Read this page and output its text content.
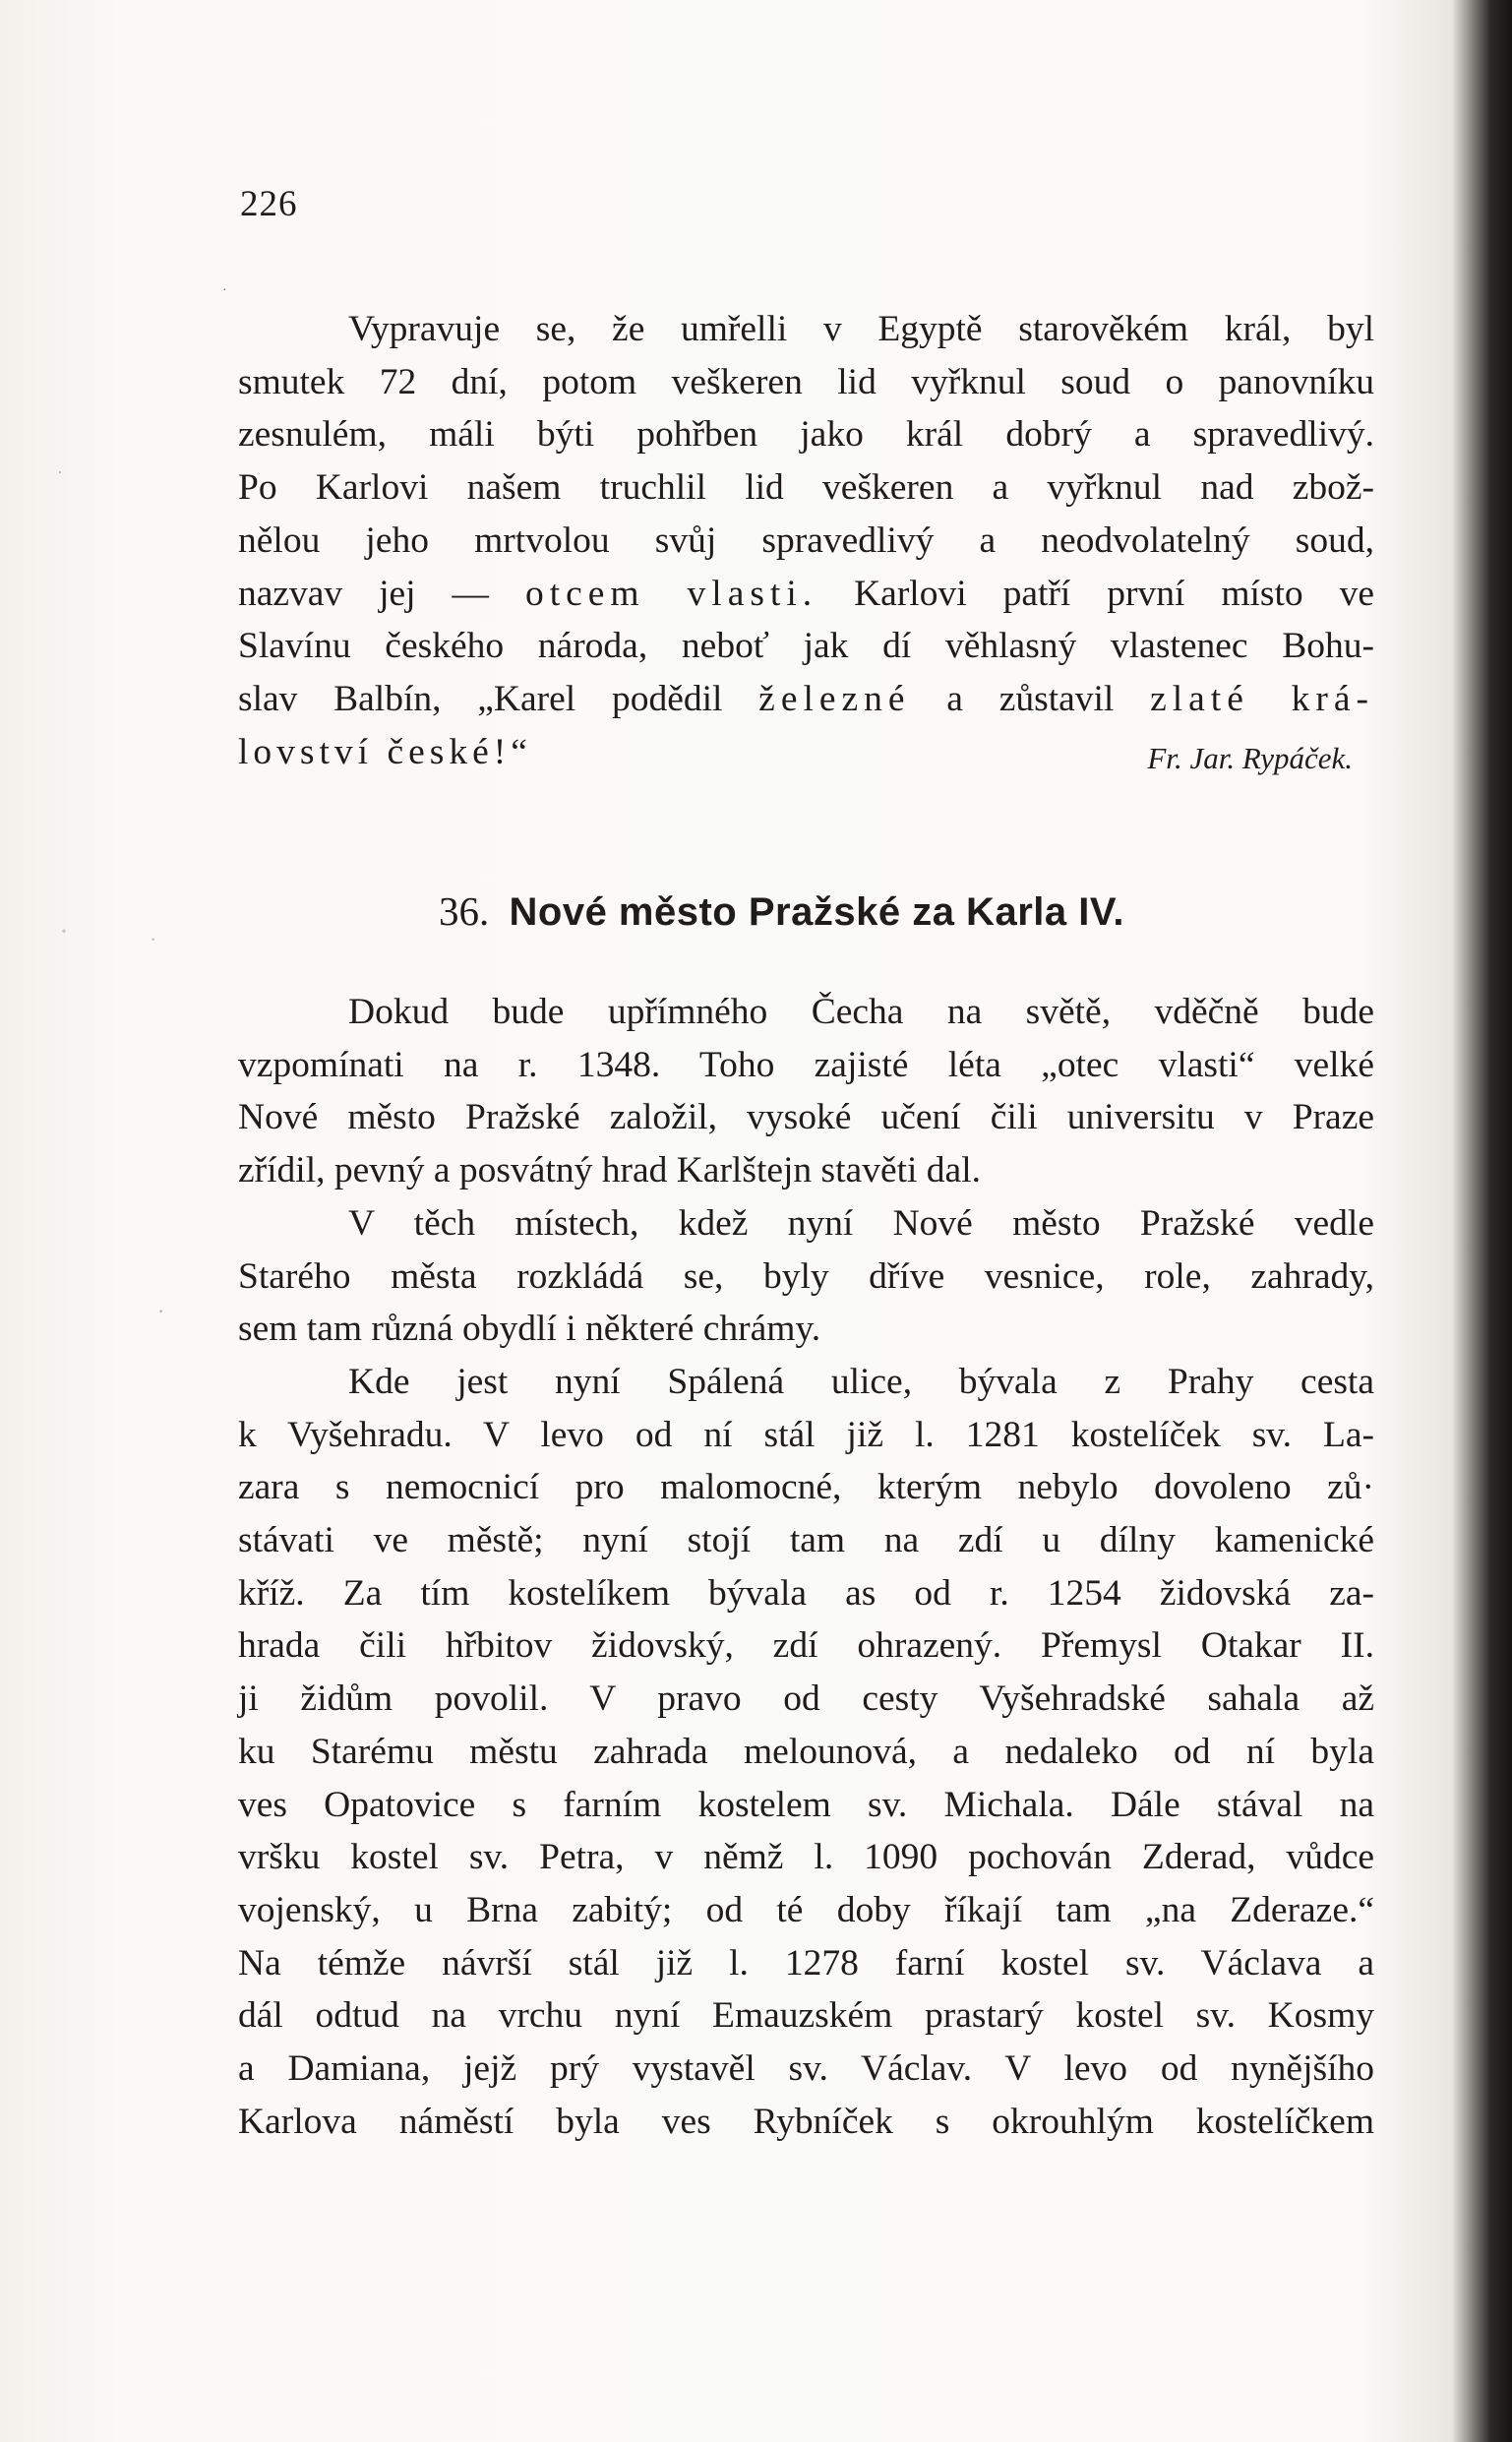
226
Vypravuje se, že umřelli v Egyptě starověkém král, byl
smutek 72 dní, potom veškeren lid vyřknul soud o panovníku
zesnulém, máli býti pohřben jako král dobrý a spravedlivý.
Po Karlovi našem truchlil lid veškeren a vyřknul nad zbož-
nělou jeho mrtvolou svůj spravedlivý a neodvolatelný soud,
nazvav jej — otcem vlasti. Karlovi patří první místo ve
Slavínu českého národa, neboť jak dí věhlasný vlastenec Bohu-
slav Balbín, „Karel podědil železné a zůstavil zlaté krá-
lovství české!“	Fr. Jar. Rypáček.
36. Nové město Pražské za Karla IV.
Dokud bude upřímného Čecha na světě, vděčně bude
vzpomínati na r. 1348. Toho zajisté léta „otec vlasti“ velké
Nové město Pražské založil, vysoké učení čili universitu v Praze
zřídil, pevný a posvátný hrad Karlštejn stavěti dal.
V těch místech, kdež nyní Nové město Pražské vedle
Starého města rozkládá se, byly dříve vesnice, role, zahrady,
sem tam různá obydlí i některé chrámy.
Kde jest nyní Spálená ulice, bývala z Prahy cesta
k Vyšehradu. V levo od ní stál již l. 1281 kostelíček sv. La-
zara s nemocnicí pro malomocné, kterým nebylo dovoleno zů·
stávati ve městě; nyní stojí tam na zdí u dílny kamenické
kříž. Za tím kostelíkem bývala as od r. 1254 židovská za-
hrada čili hřbitov židovský, zdí ohrazený. Přemysl Otakar II.
ji židům povolil. V pravo od cesty Vyšehradské sahala až
ku Starému městu zahrada melounová, a nedaleko od ní byla
ves Opatovice s farním kostelem sv. Michala. Dále stával na
vršku kostel sv. Petra, v němž l. 1090 pochován Zderad, vůdce
vojenský, u Brna zabitý; od té doby říkají tam „na Zderaze.“
Na témže návrší stál již l. 1278 farní kostel sv. Václava a
dál odtud na vrchu nyní Emauzském prastarý kostel sv. Kosmy
a Damiana, jejž prý vystavěl sv. Václav. V levo od nynějšího
Karlova náměstí byla ves Rybníček s okrouhlým kostelíčkem
·
·	·
·
·
